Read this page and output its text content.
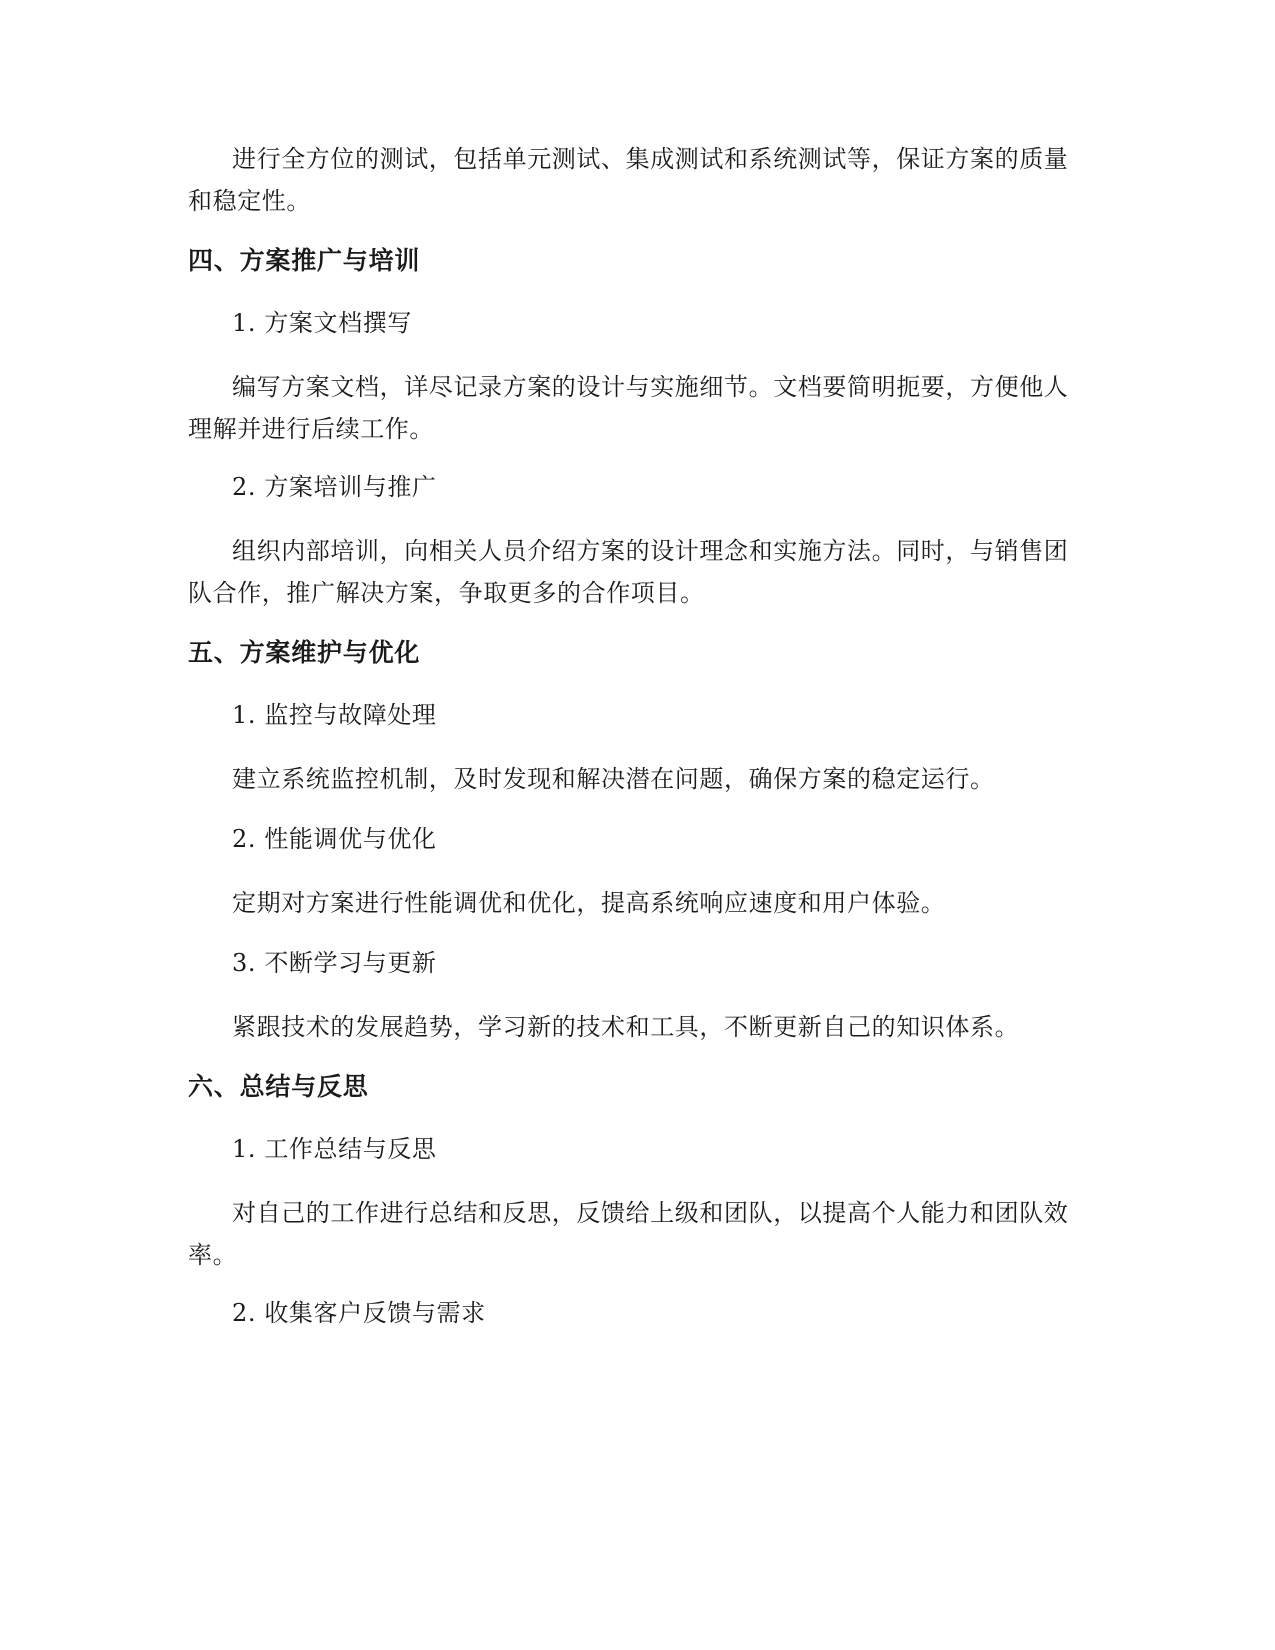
进行全方位的测试，包括单元测试、集成测试和系统测试等，保证方案的质量和稳定性。

四、方案推广与培训

1. 方案文档撰写

编写方案文档，详尽记录方案的设计与实施细节。文档要简明扼要，方便他人理解并进行后续工作。

2. 方案培训与推广

组织内部培训，向相关人员介绍方案的设计理念和实施方法。同时，与销售团队合作，推广解决方案，争取更多的合作项目。

五、方案维护与优化

1. 监控与故障处理

建立系统监控机制，及时发现和解决潜在问题，确保方案的稳定运行。

2. 性能调优与优化

定期对方案进行性能调优和优化，提高系统响应速度和用户体验。

3. 不断学习与更新

紧跟技术的发展趋势，学习新的技术和工具，不断更新自己的知识体系。

六、总结与反思

1. 工作总结与反思

对自己的工作进行总结和反思，反馈给上级和团队，以提高个人能力和团队效率。

2. 收集客户反馈与需求
